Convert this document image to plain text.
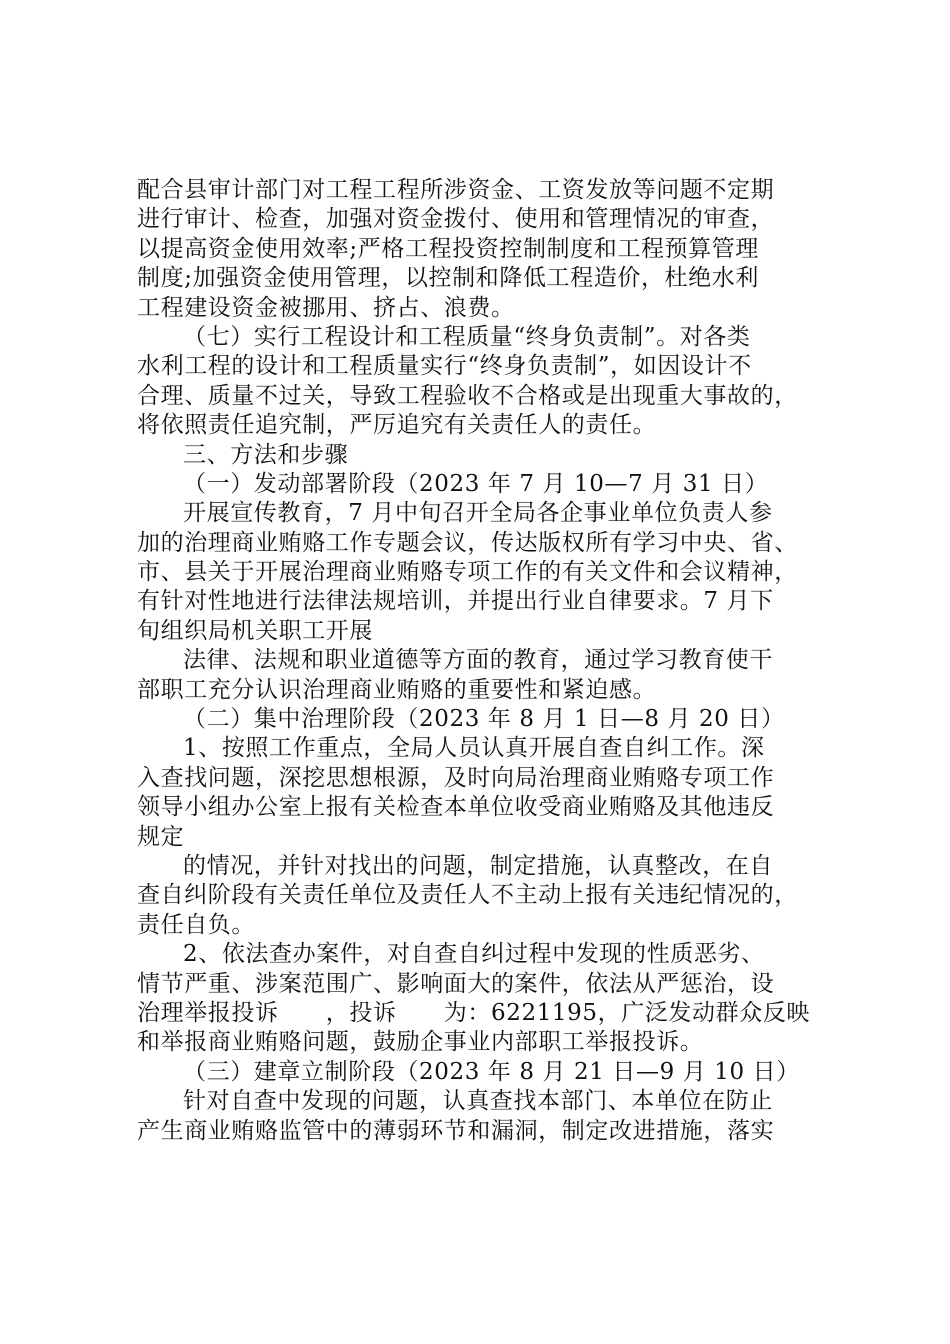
配合县审计部门对工程工程所涉资金、工资发放等问题不定期
进行审计、检查，加强对资金拨付、使用和管理情况的审查，
以提高资金使用效率;严格工程投资控制制度和工程预算管理
制度;加强资金使用管理，以控制和降低工程造价，杜绝水利
工程建设资金被挪用、挤占、浪费。
（七）实行工程设计和工程质量“终身负责制”。对各类
水利工程的设计和工程质量实行“终身负责制”，如因设计不
合理、质量不过关，导致工程验收不合格或是出现重大事故的，
将依照责任追究制，严厉追究有关责任人的责任。
三、方法和步骤
（一）发动部署阶段（2023 年 7 月 10—7 月 31 日）
开展宣传教育，7 月中旬召开全局各企事业单位负责人参
加的治理商业贿赂工作专题会议，传达版权所有学习中央、省、
市、县关于开展治理商业贿赂专项工作的有关文件和会议精神，
有针对性地进行法律法规培训，并提出行业自律要求。7 月下
旬组织局机关职工开展
法律、法规和职业道德等方面的教育，通过学习教育使干
部职工充分认识治理商业贿赂的重要性和紧迫感。
（二）集中治理阶段（2023 年 8 月 1 日—8 月 20 日）
1、按照工作重点，全局人员认真开展自查自纠工作。深
入查找问题，深挖思想根源，及时向局治理商业贿赂专项工作
领导小组办公室上报有关检查本单位收受商业贿赂及其他违反
规定
的情况，并针对找出的问题，制定措施，认真整改，在自
查自纠阶段有关责任单位及责任人不主动上报有关违纪情况的，
责任自负。
2、依法查办案件，对自查自纠过程中发现的性质恶劣、
情节严重、涉案范围广、影响面大的案件，依法从严惩治，设
治理举报投诉　　，投诉　　为：6221195，广泛发动群众反映
和举报商业贿赂问题，鼓励企事业内部职工举报投诉。
（三）建章立制阶段（2023 年 8 月 21 日—9 月 10 日）
针对自查中发现的问题，认真查找本部门、本单位在防止
产生商业贿赂监管中的薄弱环节和漏洞，制定改进措施，落实
